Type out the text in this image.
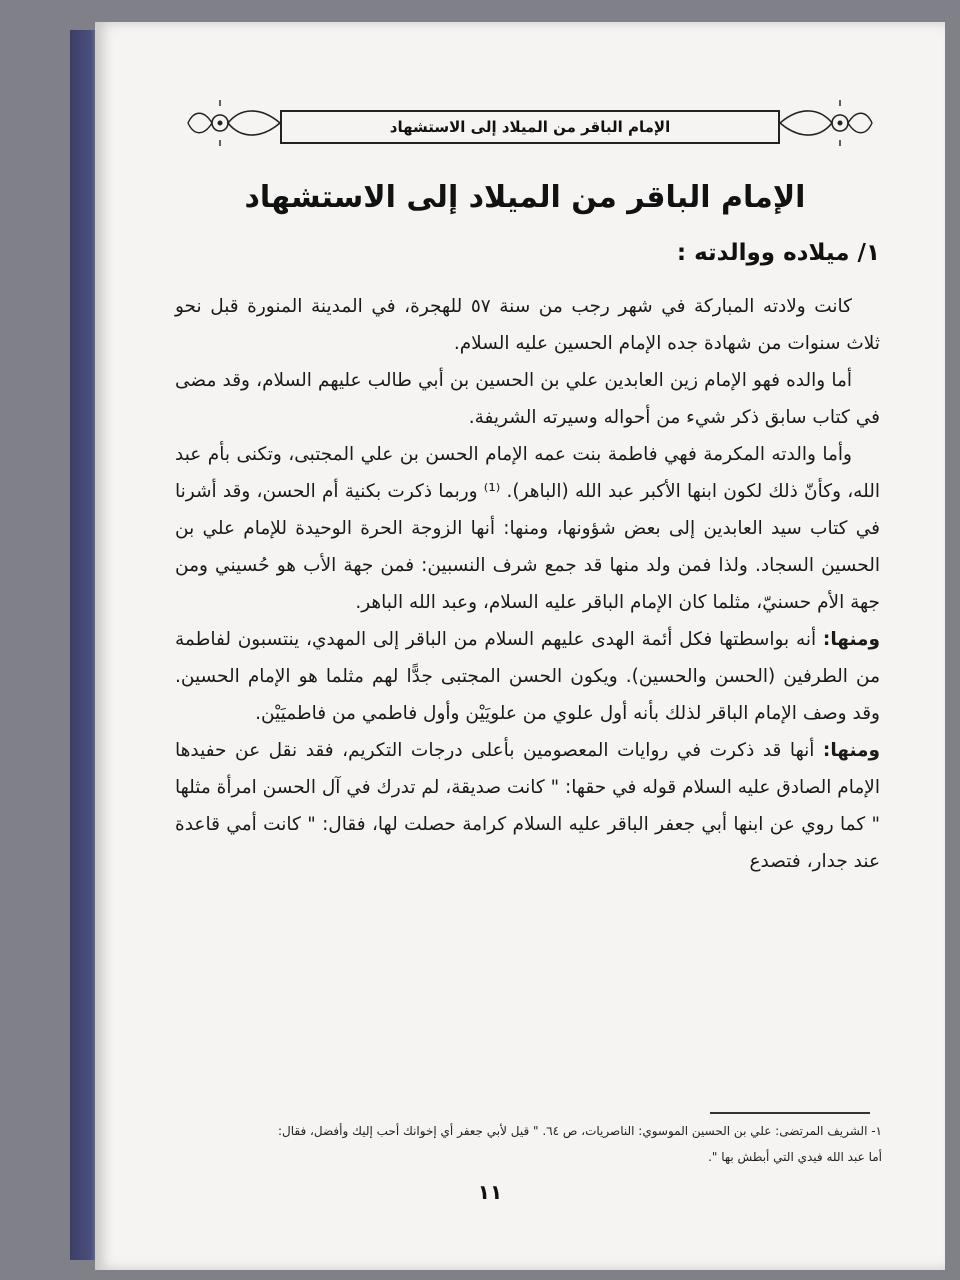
الإمام الباقر من الميلاد إلى الاستشهاد
الإمام الباقر من الميلاد إلى الاستشهاد
١/ ميلاده ووالدته :

كانت ولادته المباركة في شهر رجب من سنة ٥٧ للهجرة، في المدينة المنورة قبل نحو ثلاث سنوات من شهادة جده الإمام الحسين عليه السلام.

أما والده فهو الإمام زين العابدين علي بن الحسين بن أبي طالب عليهم السلام، وقد مضى في كتاب سابق ذكر شيء من أحواله وسيرته الشريفة.

وأما والدته المكرمة فهي فاطمة بنت عمه الإمام الحسن بن علي المجتبى، وتكنى بأم عبد الله، وكأنّ ذلك لكون ابنها الأكبر عبد الله (الباهر). ⁽¹⁾ وربما ذكرت بكنية أم الحسن، وقد أشرنا في كتاب سيد العابدين إلى بعض شؤونها، ومنها: أنها الزوجة الحرة الوحيدة للإمام علي بن الحسين السجاد. ولذا فمن ولد منها قد جمع شرف النسبين: فمن جهة الأب هو حُسيني ومن جهة الأم حسنيّ، مثلما كان الإمام الباقر عليه السلام، وعبد الله الباهر.

ومنها: أنه بواسطتها فكل أئمة الهدى عليهم السلام من الباقر إلى المهدي، ينتسبون لفاطمة من الطرفين (الحسن والحسين). ويكون الحسن المجتبى جدًّا لهم مثلما هو الإمام الحسين. وقد وصف الإمام الباقر لذلك بأنه أول علوي من علويَيْن وأول فاطمي من فاطميَيْن.

ومنها: أنها قد ذكرت في روايات المعصومين بأعلى درجات التكريم، فقد نقل عن حفيدها الإمام الصادق عليه السلام قوله في حقها: " كانت صديقة، لم تدرك في آل الحسن امرأة مثلها " كما روي عن ابنها أبي جعفر الباقر عليه السلام كرامة حصلت لها، فقال: " كانت أمي قاعدة عند جدار، فتصدع

١- الشريف المرتضى: علي بن الحسين الموسوي: الناصريات، ص ٦٤. " قيل لأبي جعفر أي إخوانك أحب إليك وأفضل، فقال:

أما عبد الله فيدي التي أبطش بها ".

١١
